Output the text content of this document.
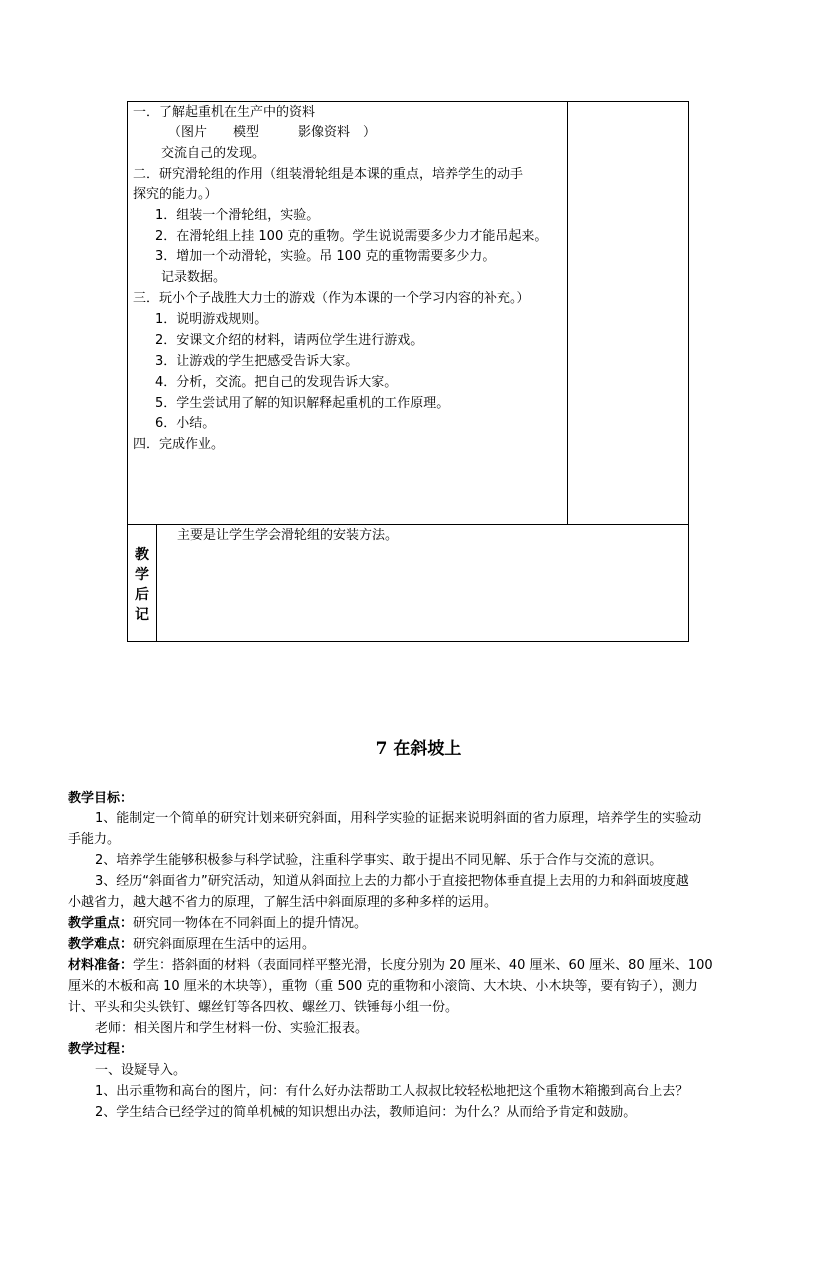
一．了解起重机在生产中的资料
（图片　　模型　　　影像资料　）
交流自己的发现。
二．研究滑轮组的作用（组装滑轮组是本课的重点，培养学生的动手
探究的能力。）
1．组装一个滑轮组，实验。
2．在滑轮组上挂 100 克的重物。学生说说需要多少力才能吊起来。
3．增加一个动滑轮，实验。吊 100 克的重物需要多少力。
记录数据。
三．玩小个子战胜大力士的游戏（作为本课的一个学习内容的补充。）
1．说明游戏规则。
2．安课文介绍的材料，请两位学生进行游戏。
3．让游戏的学生把感受告诉大家。
4．分析，交流。把自己的发现告诉大家。
5．学生尝试用了解的知识解释起重机的工作原理。
6．小结。
四．完成作业。
教
学
后
记
主要是让学生学会滑轮组的安装方法。
7 在斜坡上
教学目标：
1、能制定一个简单的研究计划来研究斜面，用科学实验的证据来说明斜面的省力原理，培养学生的实验动
手能力。
2、培养学生能够积极参与科学试验，注重科学事实、敢于提出不同见解、乐于合作与交流的意识。
3、经历“斜面省力”研究活动，知道从斜面拉上去的力都小于直接把物体垂直提上去用的力和斜面坡度越
小越省力，越大越不省力的原理，了解生活中斜面原理的多种多样的运用。
教学重点：研究同一物体在不同斜面上的提升情况。
教学难点：研究斜面原理在生活中的运用。
材料准备：学生：搭斜面的材料（表面同样平整光滑，长度分别为 20 厘米、40 厘米、60 厘米、80 厘米、100
厘米的木板和高 10 厘米的木块等），重物（重 500 克的重物和小滚筒、大木块、小木块等，要有钩子），测力
计、平头和尖头铁钉、螺丝钉等各四枚、螺丝刀、铁锤每小组一份。
老师：相关图片和学生材料一份、实验汇报表。
教学过程：
一、设疑导入。
1、出示重物和高台的图片，问：有什么好办法帮助工人叔叔比较轻松地把这个重物木箱搬到高台上去？
2、学生结合已经学过的简单机械的知识想出办法，教师追问：为什么？从而给予肯定和鼓励。
